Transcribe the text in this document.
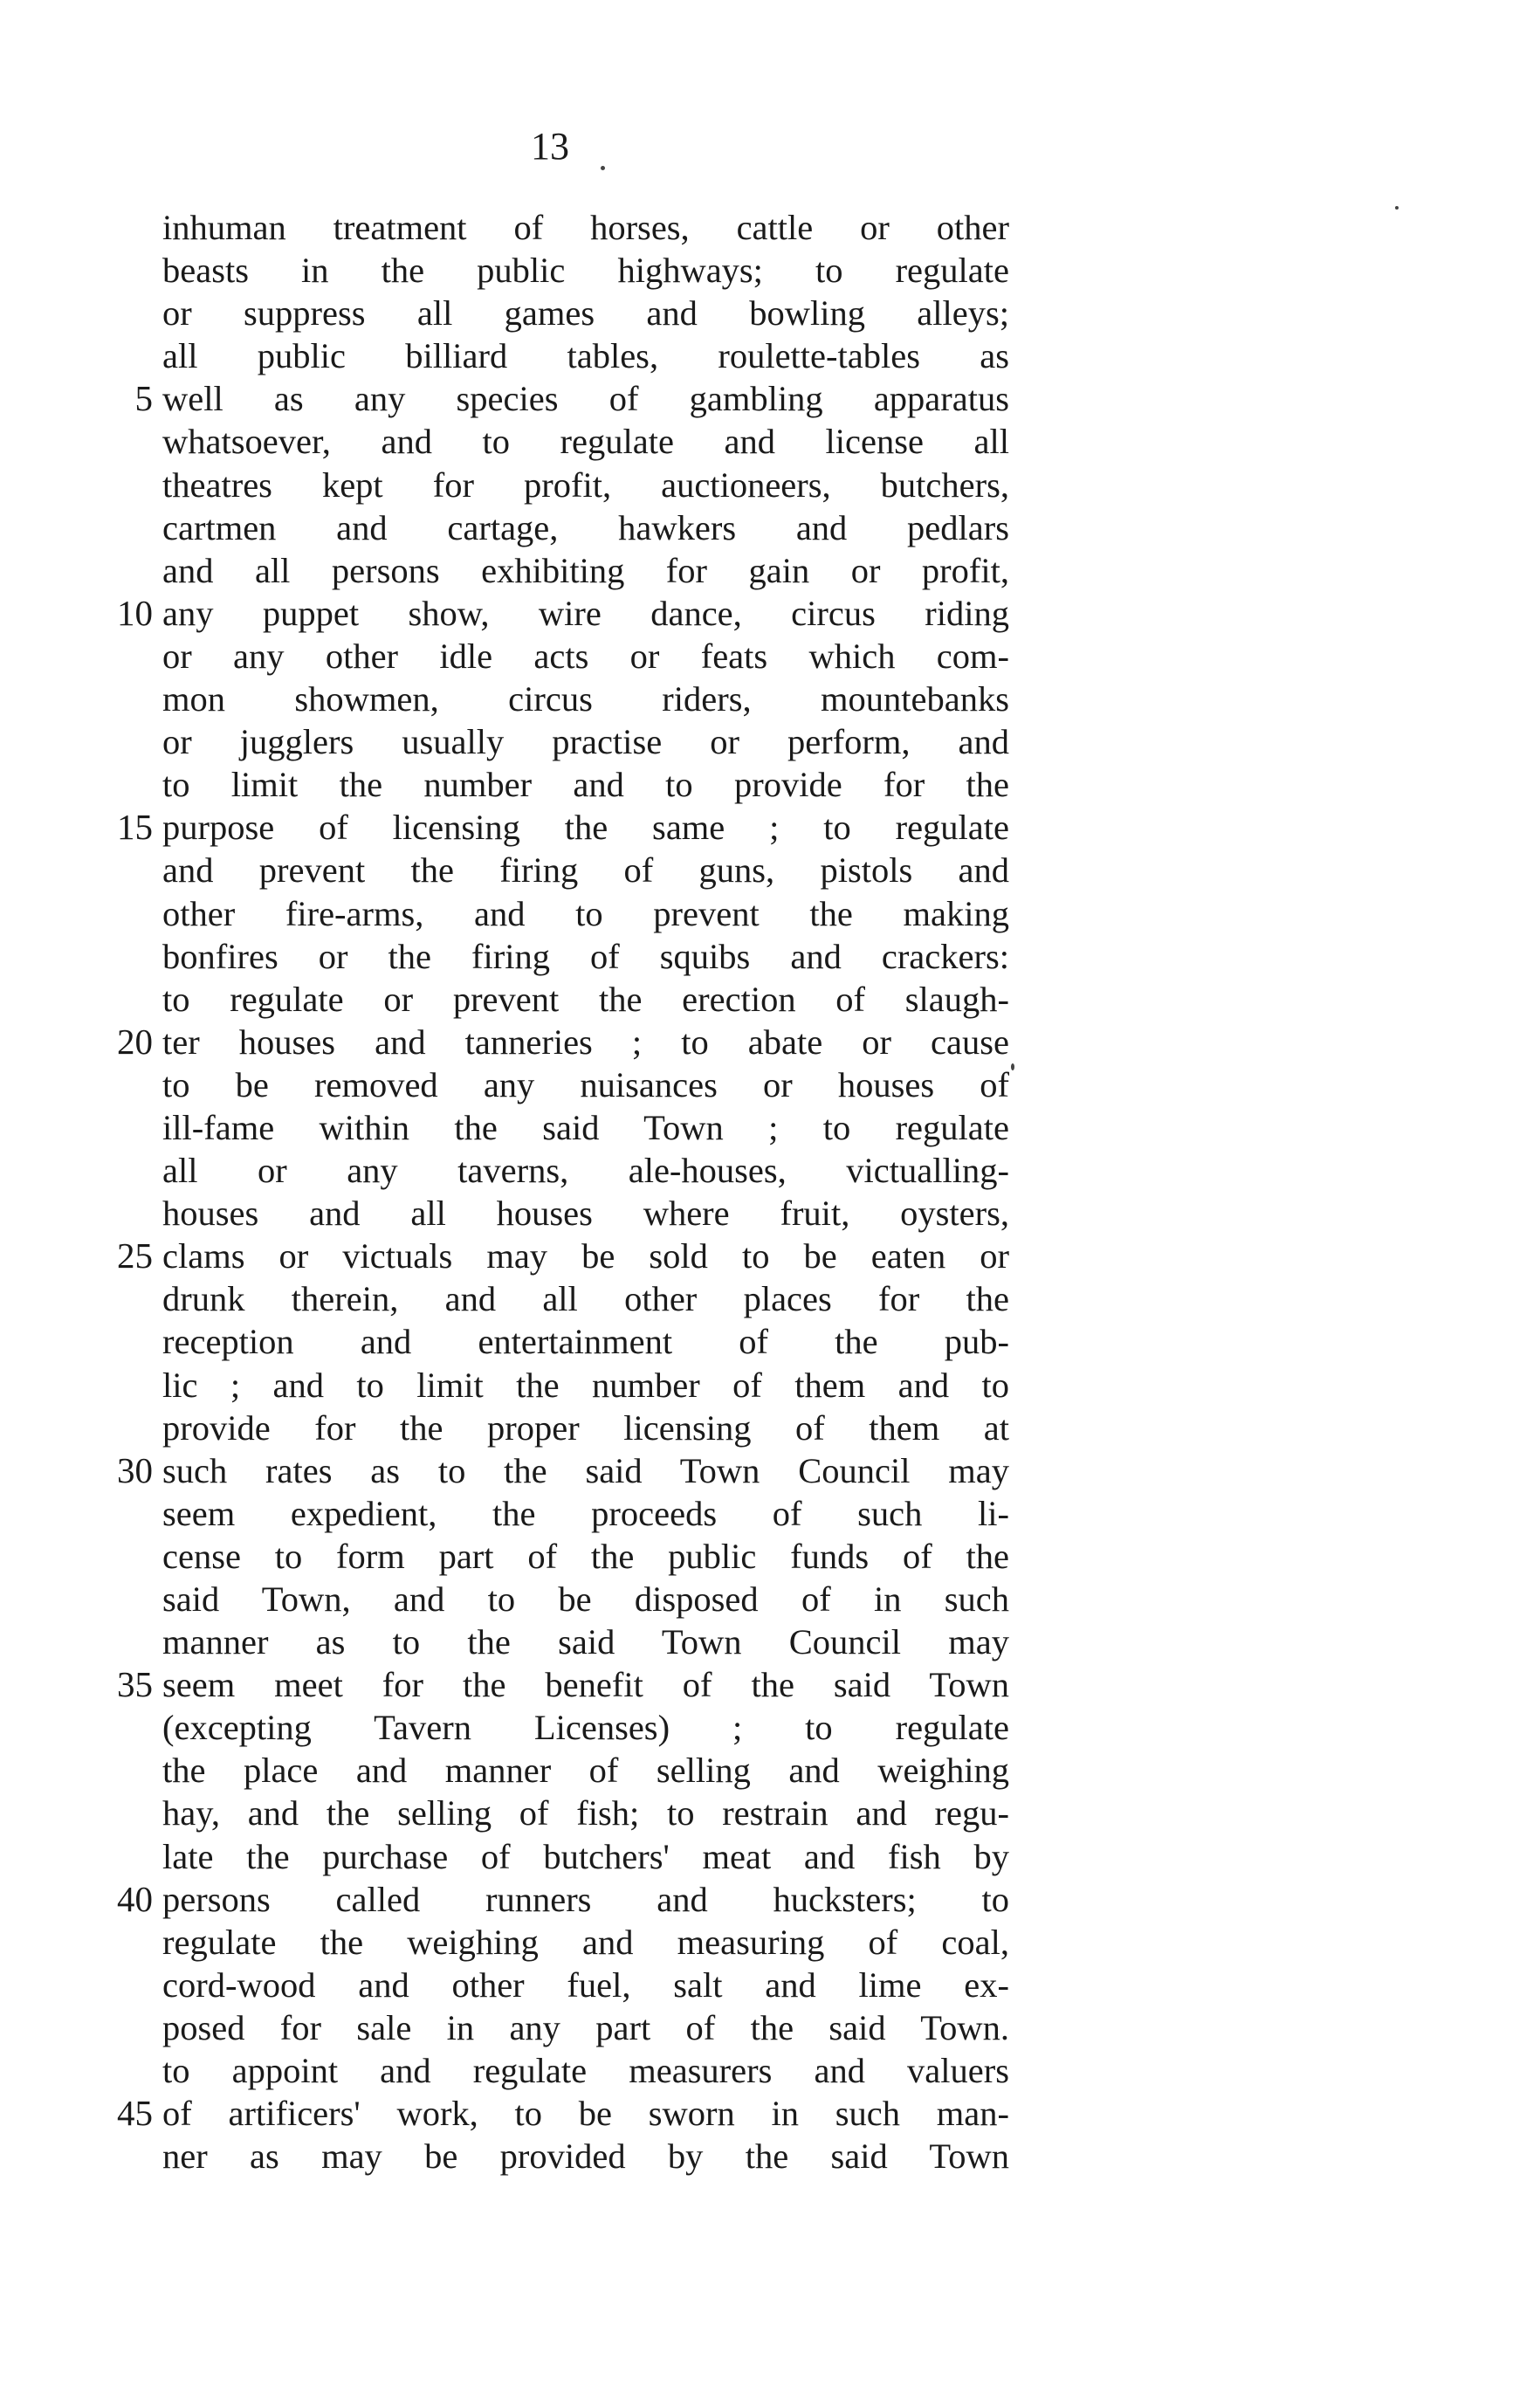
13
inhuman treatment of horses, cattle or other
beasts in the public highways; to regulate
or suppress all games and bowling alleys;
all public billiard tables, roulette-tables as
5 well as any species of gambling apparatus
whatsoever, and to regulate and license all
theatres kept for profit, auctioneers, butchers,
cartmen and cartage, hawkers and pedlars
and all persons exhibiting for gain or profit,
10 any puppet show, wire dance, circus riding
or any other idle acts or feats which com-
mon showmen, circus riders, mountebanks
or jugglers usually practise or perform, and
to limit the number and to provide for the
15 purpose of licensing the same ; to regulate
and prevent the firing of guns, pistols and
other fire-arms, and to prevent the making
bonfires or the firing of squibs and crackers:
to regulate or prevent the erection of slaugh-
20 ter houses and tanneries ; to abate or cause
to be removed any nuisances or houses of
ill-fame within the said Town ; to regulate
all or any taverns, ale-houses, victualling-
houses and all houses where fruit, oysters,
25 clams or victuals may be sold to be eaten or
drunk therein, and all other places for the
reception and entertainment of the pub-
lic ; and to limit the number of them and to
provide for the proper licensing of them at
30 such rates as to the said Town Council may
seem expedient, the proceeds of such li-
cense to form part of the public funds of the
said Town, and to be disposed of in such
manner as to the said Town Council may
35 seem meet for the benefit of the said Town
(excepting Tavern Licenses) ; to regulate
the place and manner of selling and weighing
hay, and the selling of fish; to restrain and regu-
late the purchase of butchers' meat and fish by
40 persons called runners and hucksters; to
regulate the weighing and measuring of coal,
cord-wood and other fuel, salt and lime ex-
posed for sale in any part of the said Town.
to appoint and regulate measurers and valuers
45 of artificers' work, to be sworn in such man-
ner as may be provided by the said Town
